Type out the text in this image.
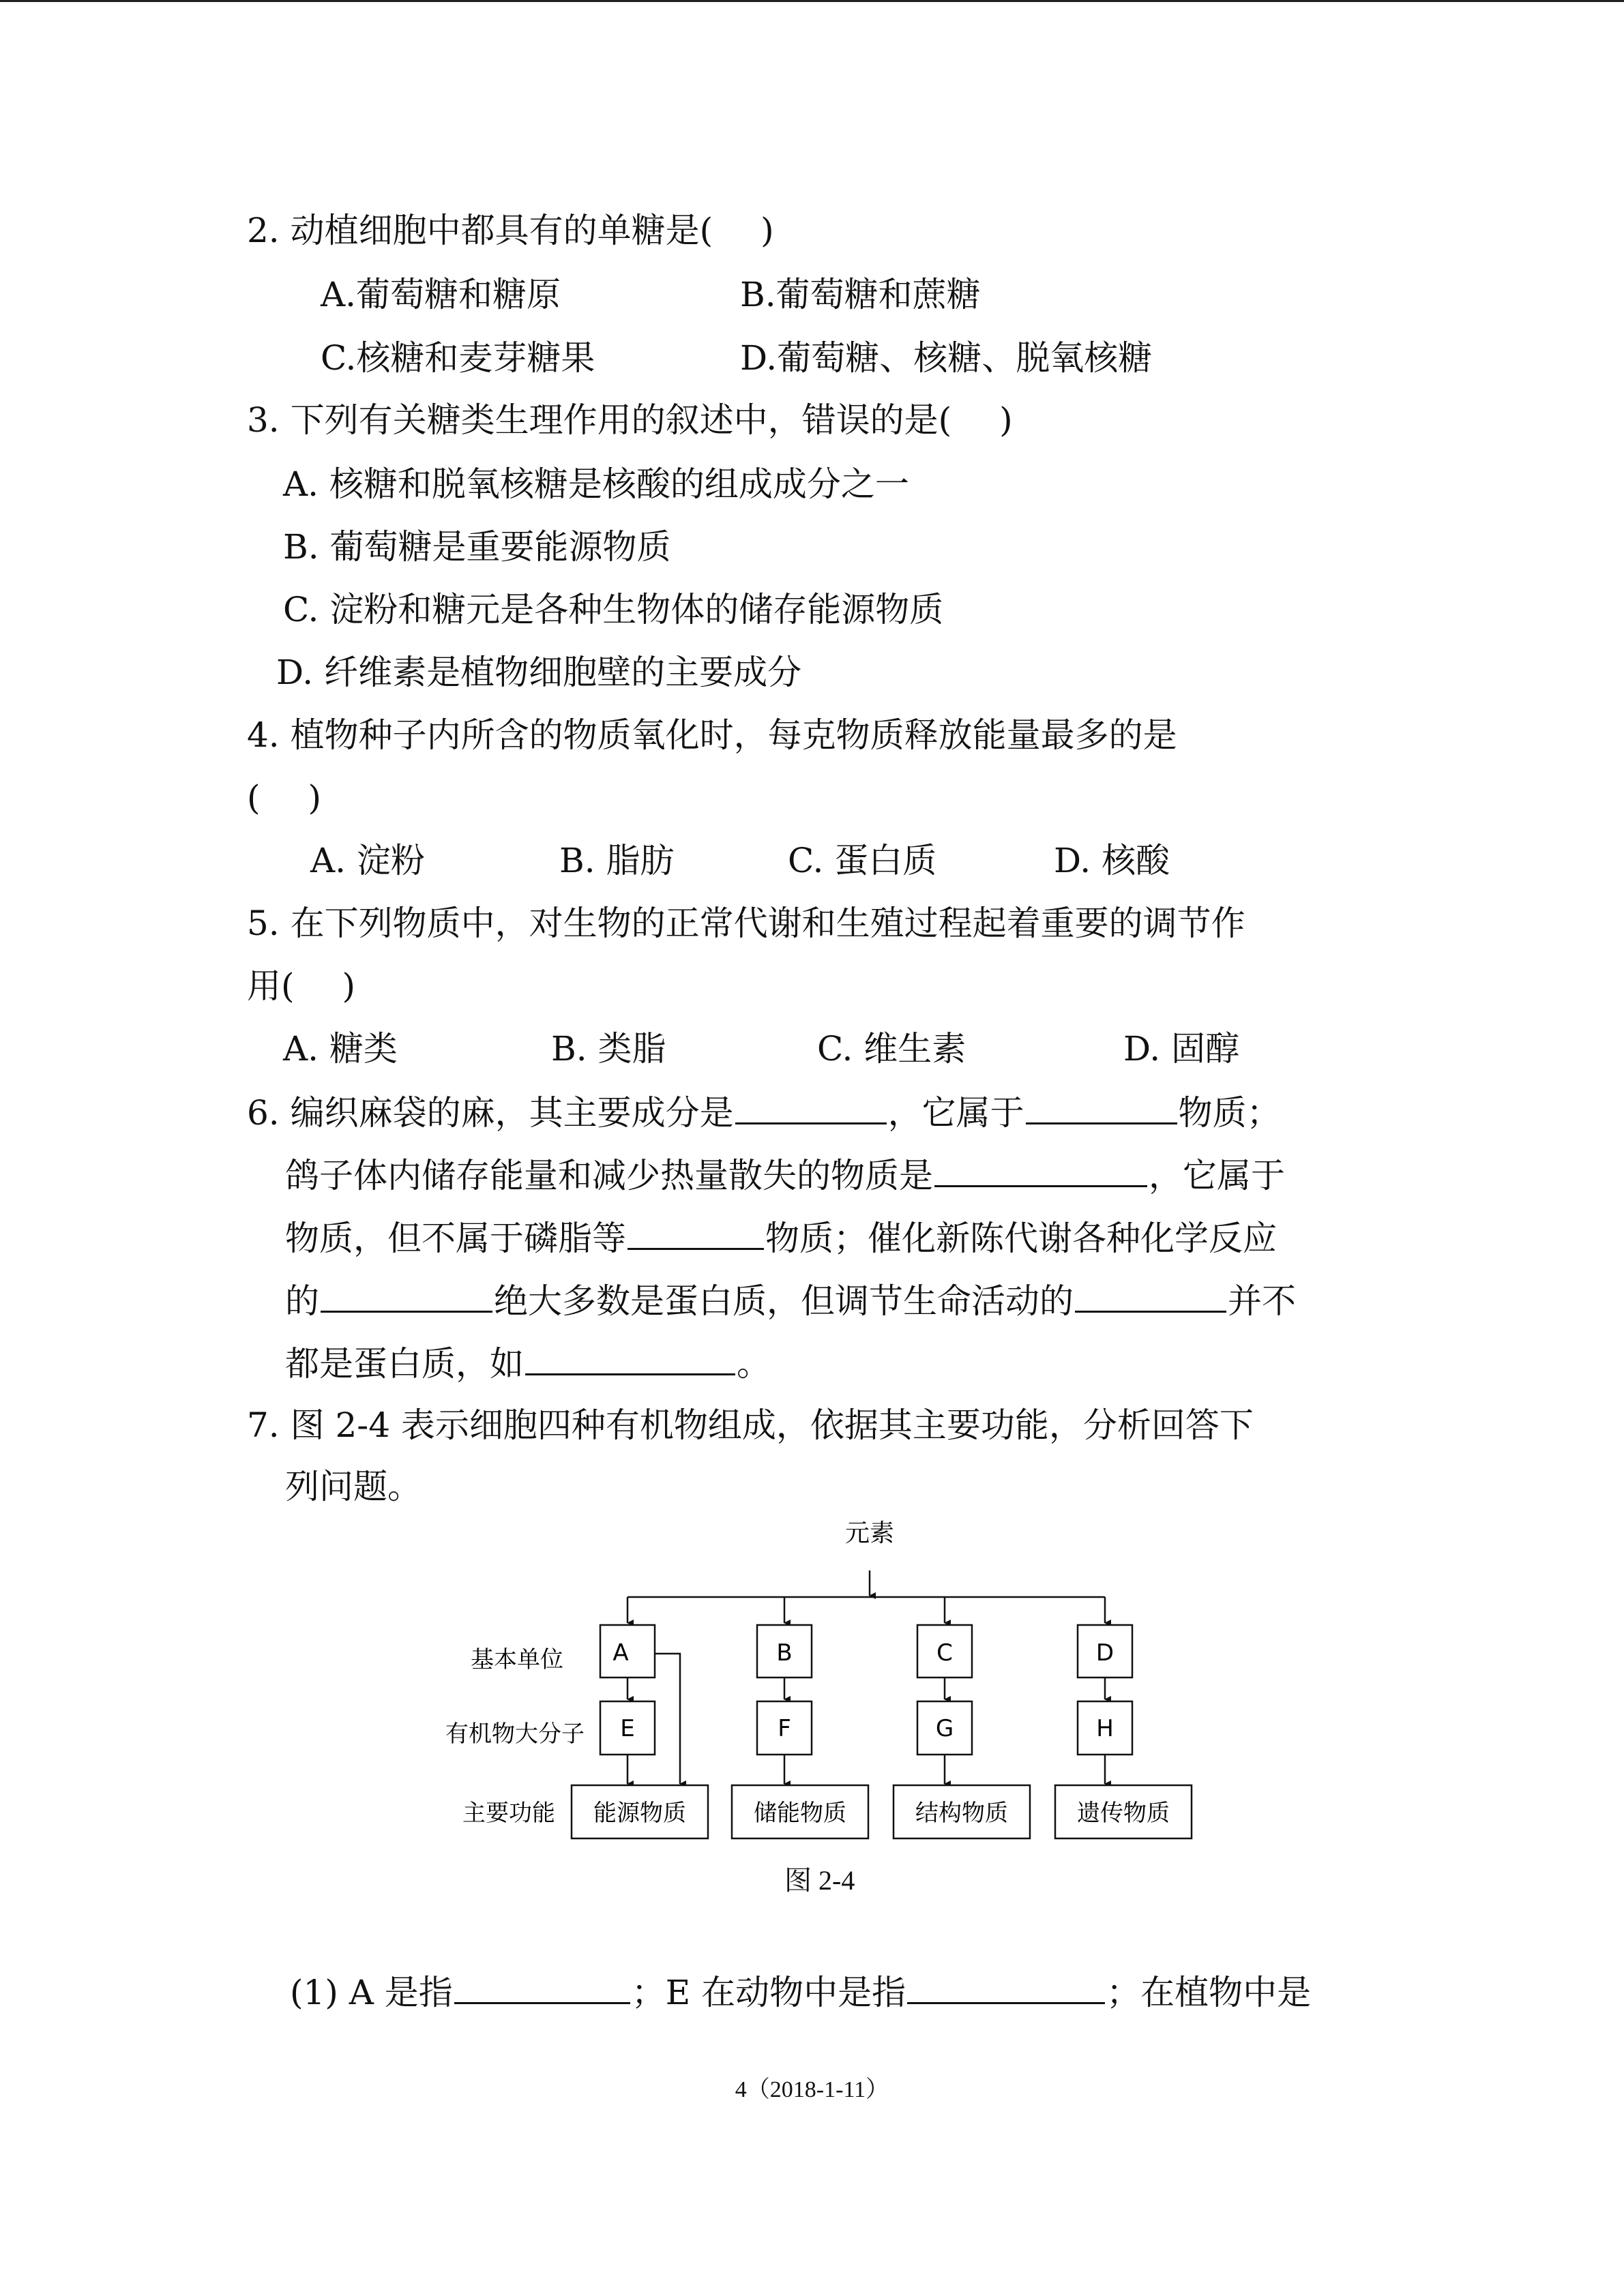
2. 动植细胞中都具有的单糖是( )
A.葡萄糖和糖原	B.葡萄糖和蔗糖
C.核糖和麦芽糖果	D.葡萄糖、核糖、脱氧核糖
3. 下列有关糖类生理作用的叙述中，错误的是( )
A. 核糖和脱氧核糖是核酸的组成成分之一
B. 葡萄糖是重要能源物质
C. 淀粉和糖元是各种生物体的储存能源物质
D. 纤维素是植物细胞壁的主要成分
4. 植物种子内所含的物质氧化时，每克物质释放能量最多的是
( )
A. 淀粉	B. 脂肪	C. 蛋白质	D. 核酸
5. 在下列物质中，对生物的正常代谢和生殖过程起着重要的调节作
用( )
A. 糖类	B. 类脂	C. 维生素	D. 固醇
6. 编织麻袋的麻，其主要成分是	，它属于	物质；
鸽子体内储存能量和减少热量散失的物质是	，它属于
物质，但不属于磷脂等	物质；催化新陈代谢各种化学反应
的	绝大多数是蛋白质，但调节生命活动的	并不
都是蛋白质，如	。
7. 图 2-4 表示细胞四种有机物组成，依据其主要功能，分析回答下
列问题。
元素
基本单位
有机物大分子
主要功能
A	B	C	D
E	F	G	H
能源物质	储能物质	结构物质	遗传物质
图 2-4
(1) A 是指	；E 在动物中是指	；在植物中是
4（2018-1-11）
